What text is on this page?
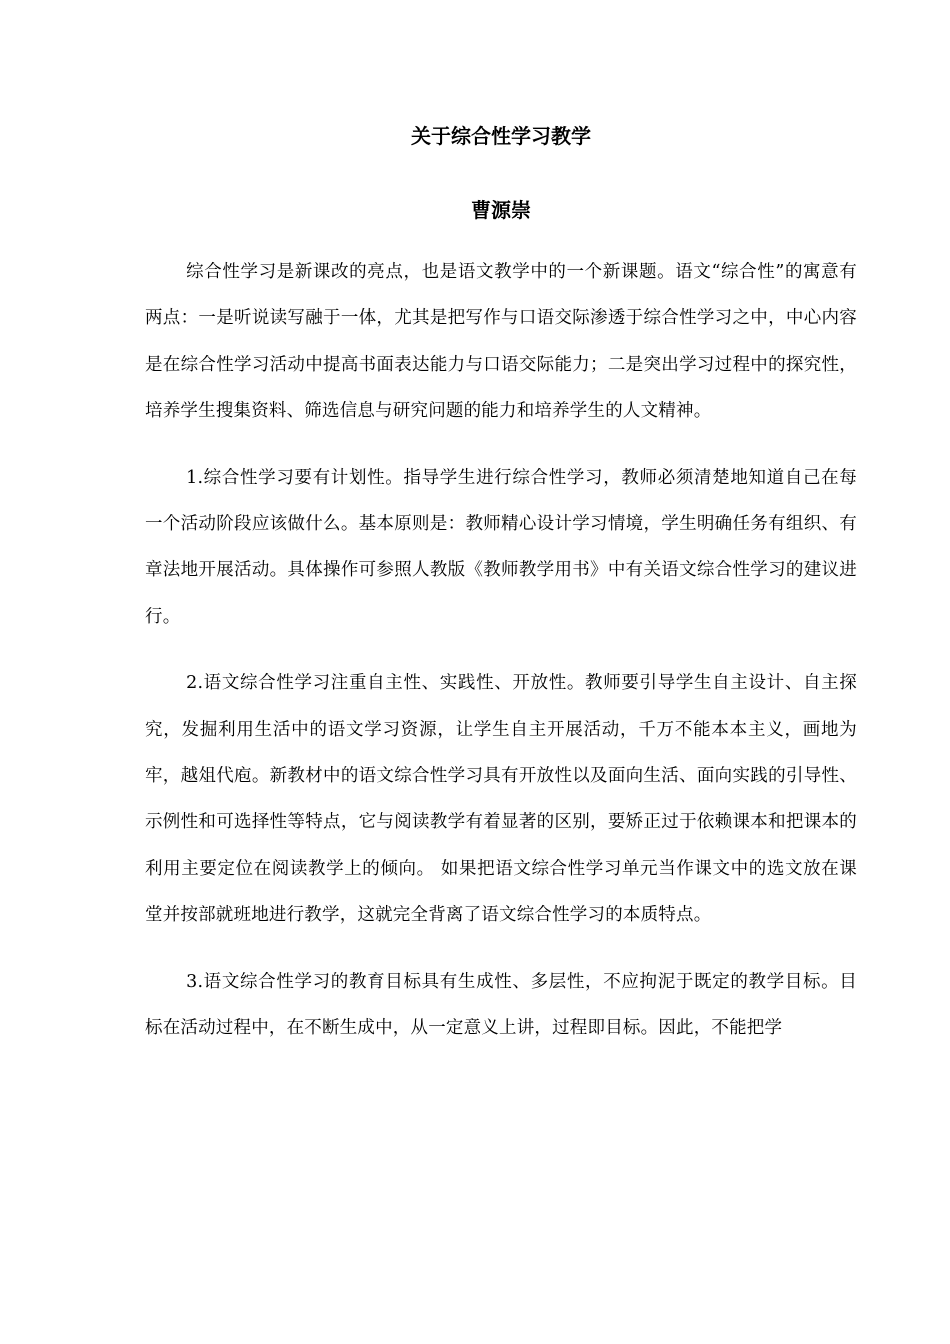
关于综合性学习教学
曹源崇

综合性学习是新课改的亮点，也是语文教学中的一个新课题。语文“综合性”的寓意有两点：一是听说读写融于一体，尤其是把写作与口语交际渗透于综合性学习之中，中心内容是在综合性学习活动中提高书面表达能力与口语交际能力；二是突出学习过程中的探究性，培养学生搜集资料、筛选信息与研究问题的能力和培养学生的人文精神。

1.综合性学习要有计划性。指导学生进行综合性学习，教师必须清楚地知道自己在每一个活动阶段应该做什么。基本原则是：教师精心设计学习情境，学生明确任务有组织、有章法地开展活动。具体操作可参照人教版《教师教学用书》中有关语文综合性学习的建议进行。

2.语文综合性学习注重自主性、实践性、开放性。教师要引导学生自主设计、自主探究，发掘利用生活中的语文学习资源，让学生自主开展活动，千万不能本本主义，画地为牢，越俎代庖。新教材中的语文综合性学习具有开放性以及面向生活、面向实践的引导性、示例性和可选择性等特点，它与阅读教学有着显著的区别，要矫正过于依赖课本和把课本的利用主要定位在阅读教学上的倾向。 如果把语文综合性学习单元当作课文中的选文放在课堂并按部就班地进行教学，这就完全背离了语文综合性学习的本质特点。

3.语文综合性学习的教育目标具有生成性、多层性，不应拘泥于既定的教学目标。目标在活动过程中，在不断生成中，从一定意义上讲，过程即目标。因此，不能把学
